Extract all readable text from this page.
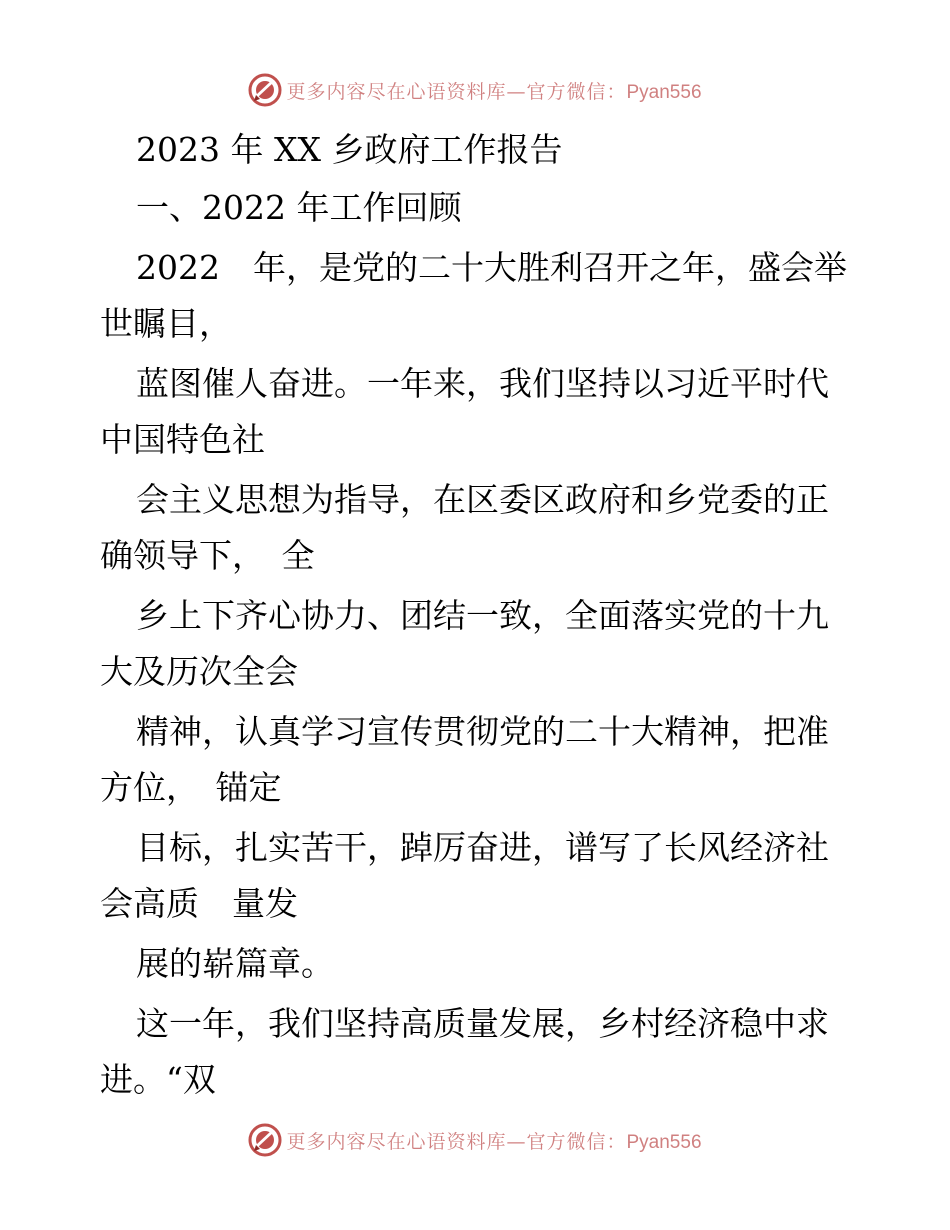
更多内容尽在心语资料库—官方微信：Pyan556
2023 年 XX 乡政府工作报告
一、2022 年工作回顾
2022　年，是党的二十大胜利召开之年，盛会举
世瞩目，
蓝图催人奋进。一年来，我们坚持以习近平时代
中国特色社
会主义思想为指导，在区委区政府和乡党委的正
确领导下，　全
乡上下齐心协力、团结一致，全面落实党的十九
大及历次全会
精神，认真学习宣传贯彻党的二十大精神，把准
方位，　锚定
目标，扎实苦干，踔厉奋进，谱写了长风经济社
会高质　量发
展的崭篇章。
这一年，我们坚持高质量发展，乡村经济稳中求
进。“双
更多内容尽在心语资料库—官方微信：Pyan556
